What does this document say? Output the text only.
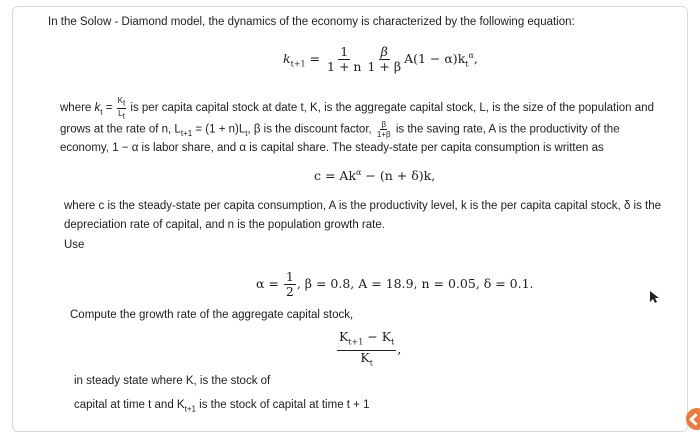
In the Solow - Diamond model, the dynamics of the economy is characterized by the following equation:
$k_{t+1} = \frac{1}{1 + n} \frac{\beta}{1 + \beta} A(1 - \alpha)k_t^\alpha$,
where $k_t = \frac{K_t}{L_t}$ is per capita capital stock at date t, K, is the aggregate capital stock, L, is the size of the population and
grows at the rate of n, $L_{t+1} = (1 + n)L_t$, β is the discount factor, $\frac{\beta}{1+\beta}$ is the saving rate, A is the productivity of the
economy, 1 − α is labor share, and α is capital share. The steady-state per capita consumption is written as
$c = Ak^\alpha - (n + \delta)k$,
where c is the steady-state per capita consumption, A is the productivity level, k is the per capita capital stock, δ is the
depreciation rate of capital, and n is the population growth rate.
Use
$\alpha = \frac{1}{2}$ , β = 0.8, A = 18.9, n = 0.05, δ = 0.1.
Compute the growth rate of the aggregate capital stock,
$\frac{K_{t+1} - K_t}{K_t}$ ,
in steady state where K, is the stock of
capital at time t and $K_{t+1}$ is the stock of capital at time t + 1
